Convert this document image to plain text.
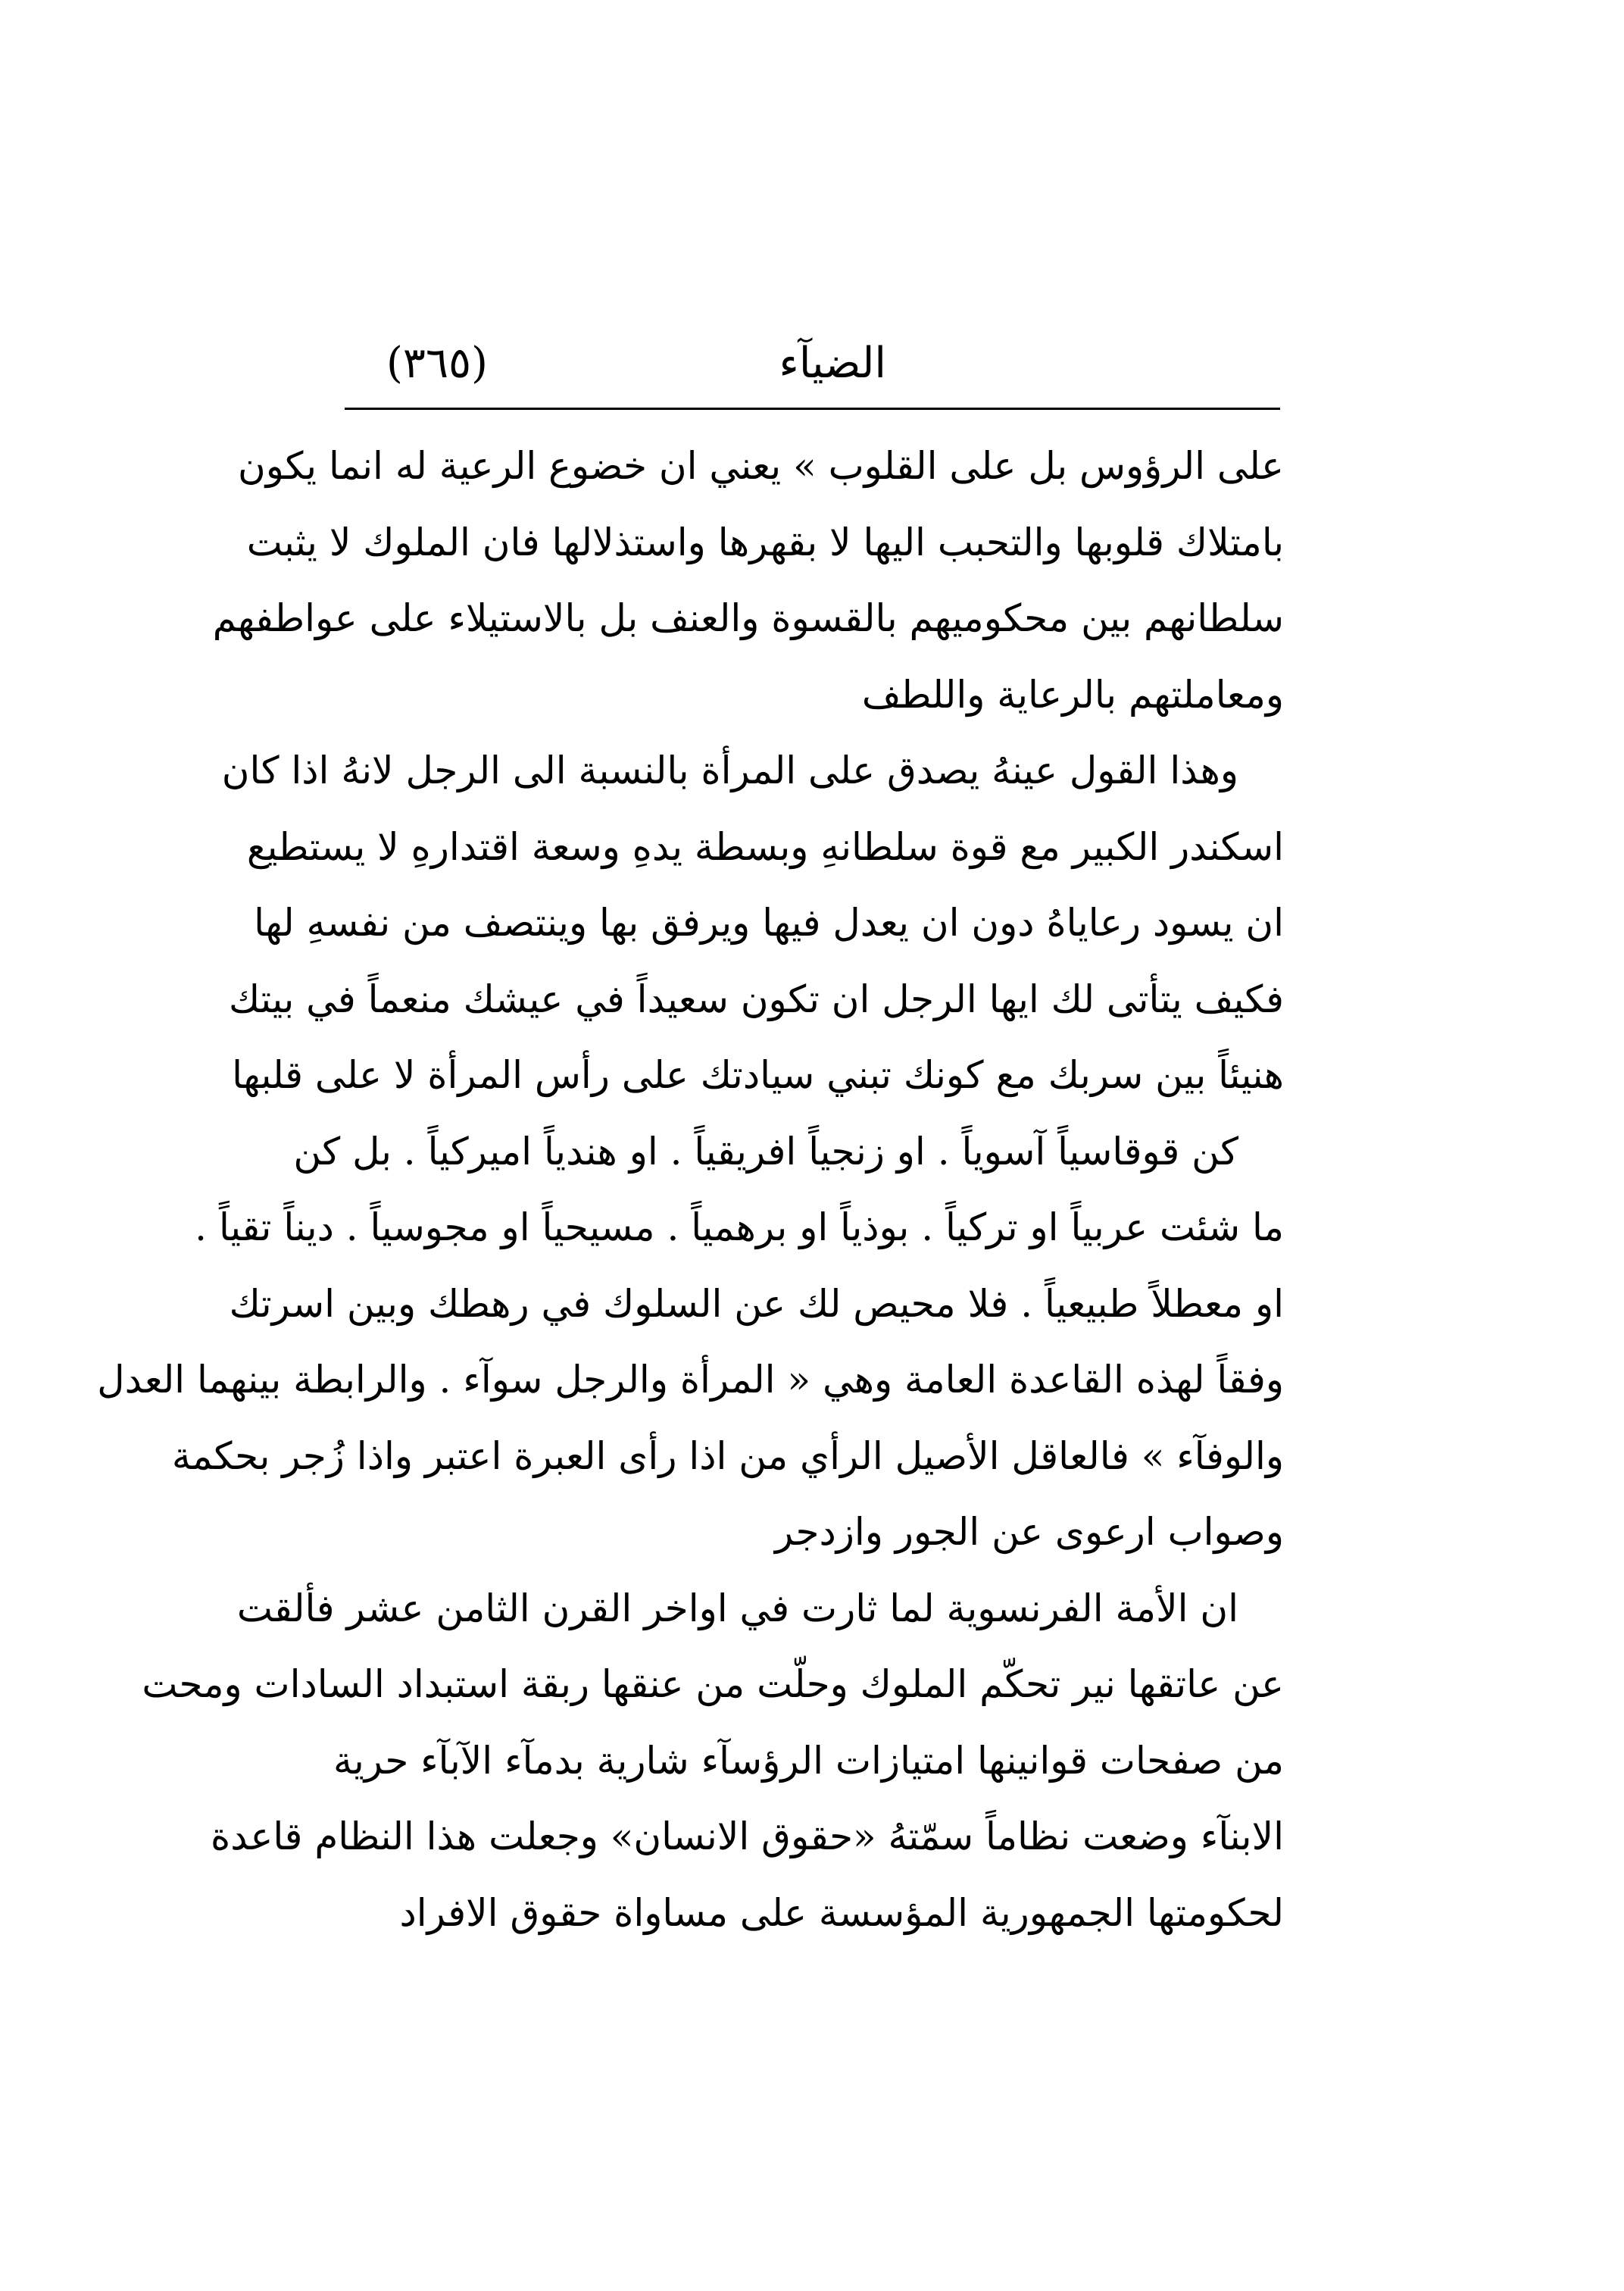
الضيآء
(٣٦٥)
على الرؤوس بل على القلوب » يعني ان خضوع الرعية له انما يكون
بامتلاك قلوبها والتحبب اليها لا بقهرها واستذلالها فان الملوك لا يثبت
سلطانهم بين محكوميهم بالقسوة والعنف بل بالاستيلاء على عواطفهم
ومعاملتهم بالرعاية واللطف
وهذا القول عينهُ يصدق على المرأة بالنسبة الى الرجل لانهُ اذا كان
اسكندر الكبير مع قوة سلطانهِ وبسطة يدهِ وسعة اقتدارهِ لا يستطيع
ان يسود رعاياهُ دون ان يعدل فيها ويرفق بها وينتصف من نفسهِ لها
فكيف يتأتى لك ايها الرجل ان تكون سعيداً في عيشك منعماً في بيتك
هنيئاً بين سربك مع كونك تبني سيادتك على رأس المرأة لا على قلبها
كن قوقاسياً آسوياً . او زنجياً افريقياً . او هندياً اميركياً . بل كن
ما شئت عربياً او تركياً . بوذياً او برهمياً . مسيحياً او مجوسياً . ديناً تقياً .
او معطلاً طبيعياً . فلا محيص لك عن السلوك في رهطك وبين اسرتك
وفقاً لهذه القاعدة العامة وهي « المرأة والرجل سوآء . والرابطة بينهما العدل
والوفآء » فالعاقل الأصيل الرأي من اذا رأى العبرة اعتبر واذا زُجر بحكمة
وصواب ارعوى عن الجور وازدجر
ان الأمة الفرنسوية لما ثارت في اواخر القرن الثامن عشر فألقت
عن عاتقها نير تحكّم الملوك وحلّت من عنقها ربقة استبداد السادات ومحت
من صفحات قوانينها امتيازات الرؤسآء شارية بدمآء الآبآء حرية
الابنآء وضعت نظاماً سمّتهُ «حقوق الانسان» وجعلت هذا النظام قاعدة
لحكومتها الجمهورية المؤسسة على مساواة حقوق الافراد
